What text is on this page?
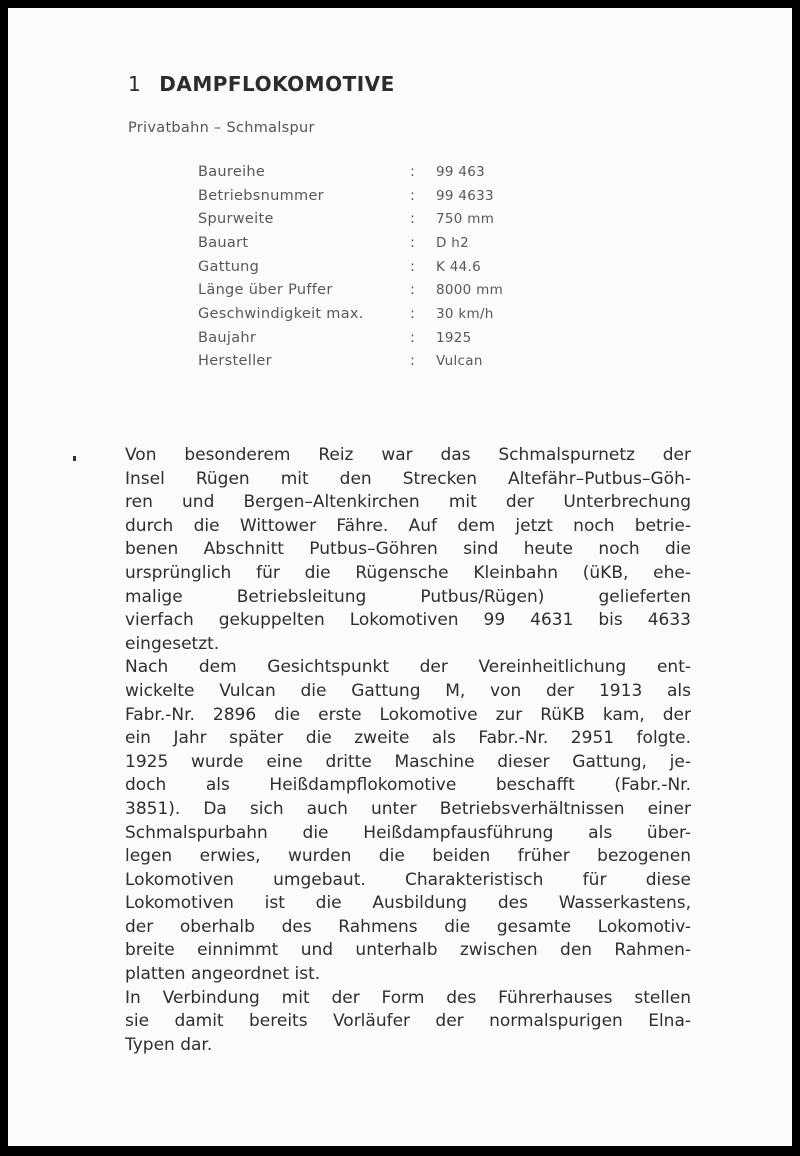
1 DAMPFLOKOMOTIVE
Privatbahn – Schmalspur
Baureihe	:	99 463
Betriebsnummer	:	99 4633
Spurweite	:	750 mm
Bauart	:	D h2
Gattung	:	K 44.6
Länge über Puffer	:	8000 mm
Geschwindigkeit max.	:	30 km/h
Baujahr	:	1925
Hersteller	:	Vulcan
Von besonderem Reiz war das Schmalspurnetz der
Insel Rügen mit den Strecken Altefähr–Putbus–Göh-
ren und Bergen–Altenkirchen mit der Unterbrechung
durch die Wittower Fähre. Auf dem jetzt noch betrie-
benen Abschnitt Putbus–Göhren sind heute noch die
ursprünglich für die Rügensche Kleinbahn (üKB, ehe-
malige Betriebsleitung Putbus/Rügen) gelieferten
vierfach gekuppelten Lokomotiven 99 4631 bis 4633
eingesetzt.
Nach dem Gesichtspunkt der Vereinheitlichung ent-
wickelte Vulcan die Gattung M, von der 1913 als
Fabr.-Nr. 2896 die erste Lokomotive zur RüKB kam, der
ein Jahr später die zweite als Fabr.-Nr. 2951 folgte.
1925 wurde eine dritte Maschine dieser Gattung, je-
doch als Heißdampflokomotive beschafft (Fabr.-Nr.
3851). Da sich auch unter Betriebsverhältnissen einer
Schmalspurbahn die Heißdampfausführung als über-
legen erwies, wurden die beiden früher bezogenen
Lokomotiven umgebaut. Charakteristisch für diese
Lokomotiven ist die Ausbildung des Wasserkastens,
der oberhalb des Rahmens die gesamte Lokomotiv-
breite einnimmt und unterhalb zwischen den Rahmen-
platten angeordnet ist.
In Verbindung mit der Form des Führerhauses stellen
sie damit bereits Vorläufer der normalspurigen Elna-
Typen dar.
